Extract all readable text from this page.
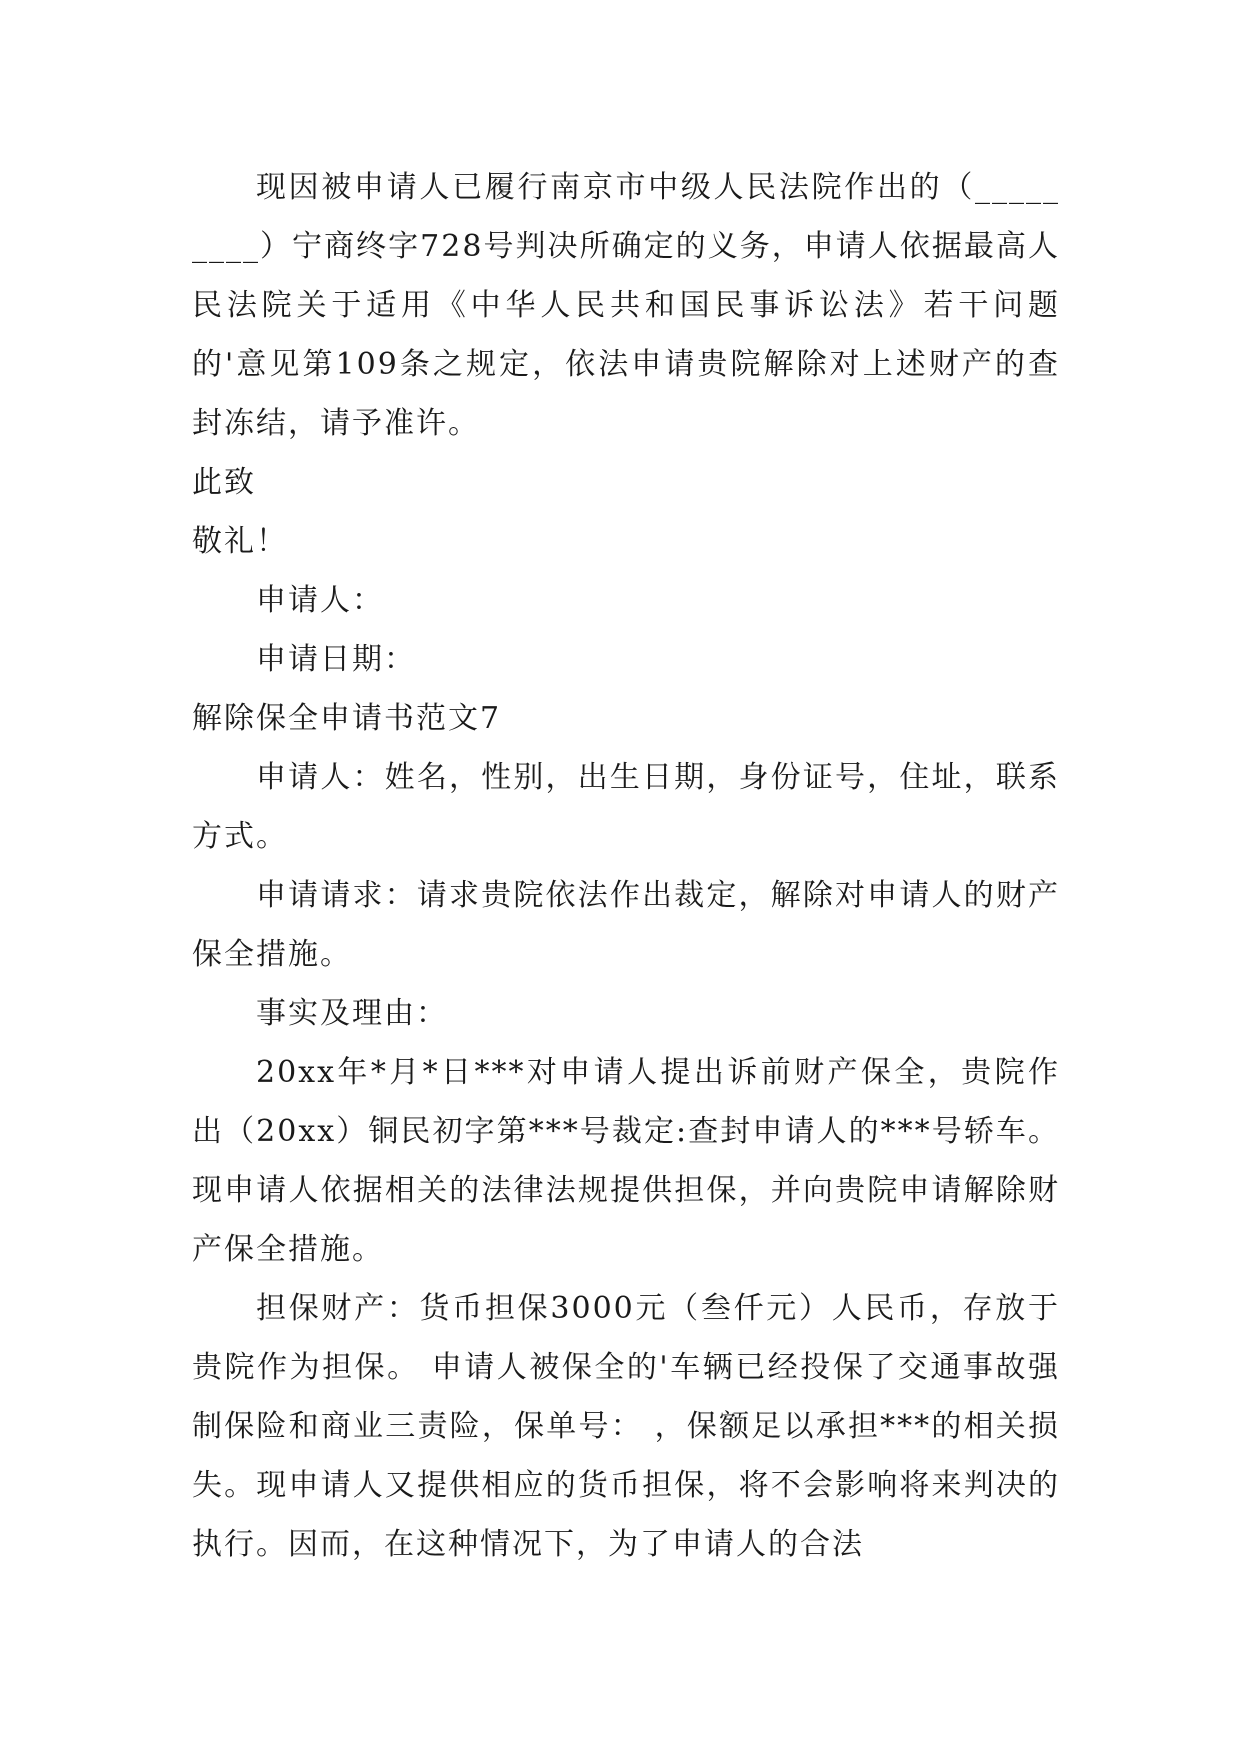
现因被申请人已履行南京市中级人民法院作出的（_________）宁商终字728号判决所确定的义务，申请人依据最高人民法院关于适用《中华人民共和国民事诉讼法》若干问题的'意见第109条之规定，依法申请贵院解除对上述财产的查封冻结，请予准许。

此致

敬礼！

申请人：

申请日期：

解除保全申请书范文7

申请人：姓名，性别，出生日期，身份证号，住址，联系方式。

申请请求：请求贵院依法作出裁定，解除对申请人的财产保全措施。

事实及理由：

20xx年*月*日***对申请人提出诉前财产保全，贵院作出（20xx）铜民初字第***号裁定:查封申请人的***号轿车。现申请人依据相关的法律法规提供担保，并向贵院申请解除财产保全措施。

担保财产：货币担保3000元（叁仟元）人民币，存放于贵院作为担保。 申请人被保全的'车辆已经投保了交通事故强制保险和商业三责险，保单号： ，保额足以承担***的相关损失。现申请人又提供相应的货币担保，将不会影响将来判决的执行。因而，在这种情况下，为了申请人的合法
